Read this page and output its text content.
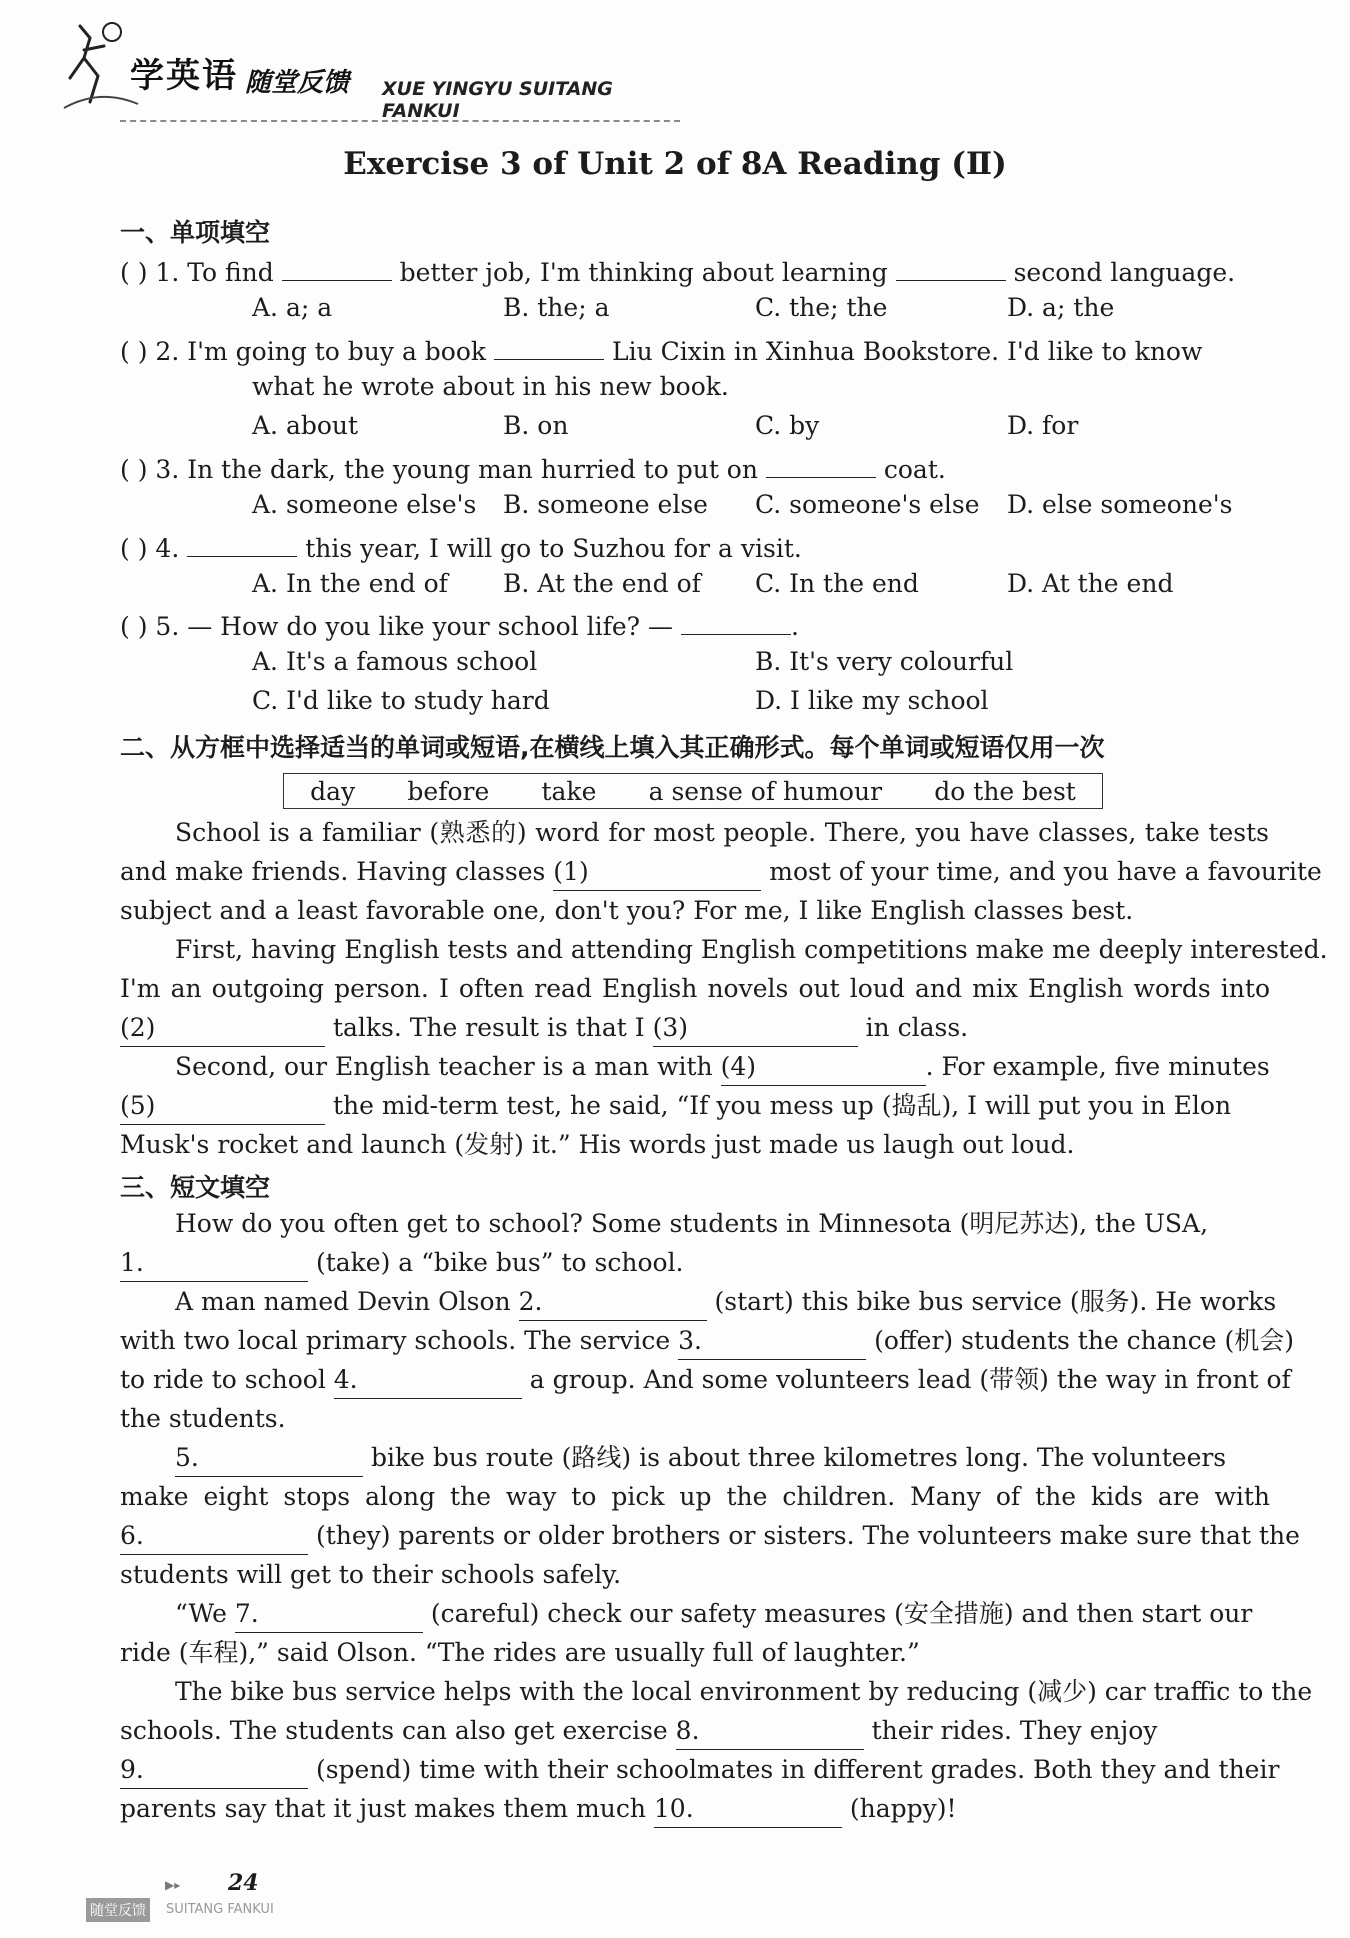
学英语 随堂反馈 XUE YINGYU SUITANG FANKUI
Exercise 3 of Unit 2 of 8A Reading (Ⅱ)
一、单项填空
( ) 1. To find	better job, I'm thinking about learning	second language.
A. a; a	B. the; a	C. the; the	D. a; the
( ) 2. I'm going to buy a book	Liu Cixin in Xinhua Bookstore. I'd like to know
what he wrote about in his new book.
A. about	B. on	C. by	D. for
( ) 3. In the dark, the young man hurried to put on	coat.
A. someone else's B. someone else C. someone's else D. else someone's
( ) 4.	this year, I will go to Suzhou for a visit.
A. In the end of B. At the end of C. In the end	D. At the end
( ) 5. — How do you like your school life? —	.
A. It's a famous school	B. It's very colourful
C. I'd like to study hard	D. I like my school
二、从方框中选择适当的单词或短语,在横线上填入其正确形式。每个单词或短语仅用一次
day before take a sense of humour do the best
School is a familiar (熟悉的) word for most people. There, you have classes, take tests
and make friends. Having classes (1)	most of your time, and you have a favourite
subject and a least favorable one, don't you? For me, I like English classes best.
First, having English tests and attending English competitions make me deeply interested.
I'm an outgoing person. I often read English novels out loud and mix English words into
(2)	talks. The result is that I (3)	in class.
Second, our English teacher is a man with (4)	. For example, five minutes
(5)	the mid-term test, he said, “If you mess up (捣乱), I will put you in Elon
Musk's rocket and launch (发射) it.” His words just made us laugh out loud.
三、短文填空
How do you often get to school? Some students in Minnesota (明尼苏达), the USA,
1.	(take) a “bike bus” to school.
A man named Devin Olson 2.	(start) this bike bus service (服务). He works
with two local primary schools. The service 3.	(offer) students the chance (机会)
to ride to school 4.	a group. And some volunteers lead (带领) the way in front of
the students.
5.	bike bus route (路线) is about three kilometres long. The volunteers
make eight stops along the way to pick up the children. Many of the kids are with
6.	(they) parents or older brothers or sisters. The volunteers make sure that the
students will get to their schools safely.
“We 7.	(careful) check our safety measures (安全措施) and then start our
ride (车程),” said Olson. “The rides are usually full of laughter.”
The bike bus service helps with the local environment by reducing (减少) car traffic to the
schools. The students can also get exercise 8.	their rides. They enjoy
9.	(spend) time with their schoolmates in different grades. Both they and their
parents say that it just makes them much 10.	(happy)!
▶▸ 24
随堂反馈	SUITANG FANKUI
